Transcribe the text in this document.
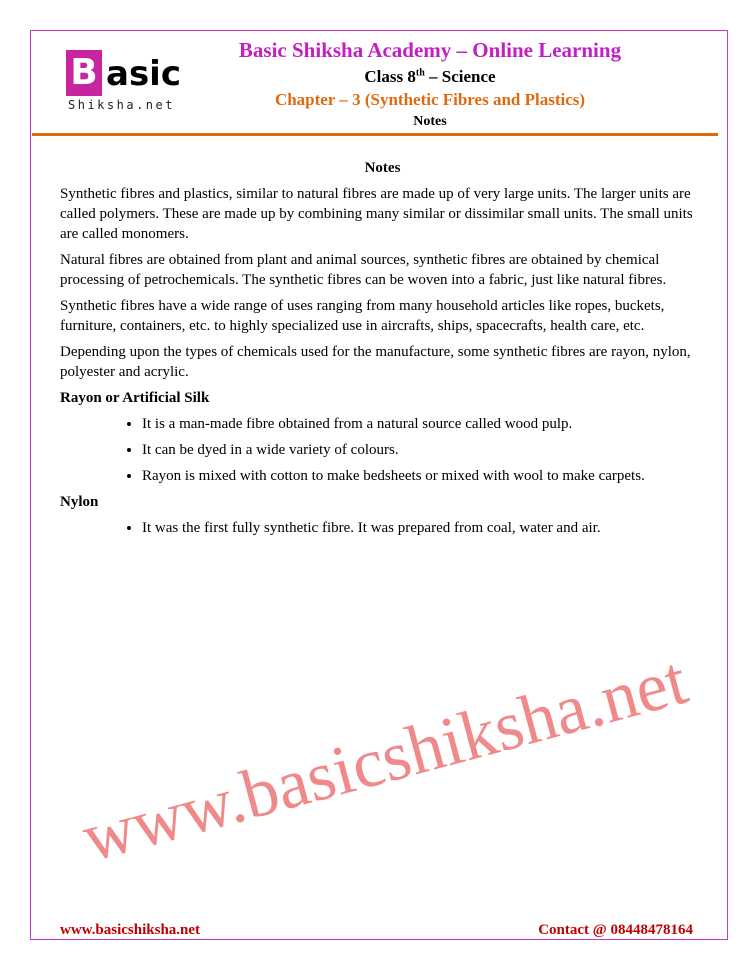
B asic
Shiksha.net
Basic Shiksha Academy – Online Learning
Class 8th – Science
Chapter – 3 (Synthetic Fibres and Plastics)
Notes
Notes

Synthetic fibres and plastics, similar to natural fibres are made up of very large units. The larger units are called polymers. These are made up by combining many similar or dissimilar small units. The small units are called monomers.

Natural fibres are obtained from plant and animal sources, synthetic fibres are obtained by chemical processing of petrochemicals. The synthetic fibres can be woven into a fabric, just like natural fibres.

Synthetic fibres have a wide range of uses ranging from many household articles like ropes, buckets, furniture, containers, etc. to highly specialized use in aircrafts, ships, spacecrafts, health care, etc.

Depending upon the types of chemicals used for the manufacture, some synthetic fibres are rayon, nylon, polyester and acrylic.

Rayon or Artificial Silk
• It is a man-made fibre obtained from a natural source called wood pulp.
• It can be dyed in a wide variety of colours.
• Rayon is mixed with cotton to make bedsheets or mixed with wool to make carpets.
Nylon
• It was the first fully synthetic fibre. It was prepared from coal, water and air.
www.basicshiksha.net
www.basicshiksha.net	Contact @ 08448478164
